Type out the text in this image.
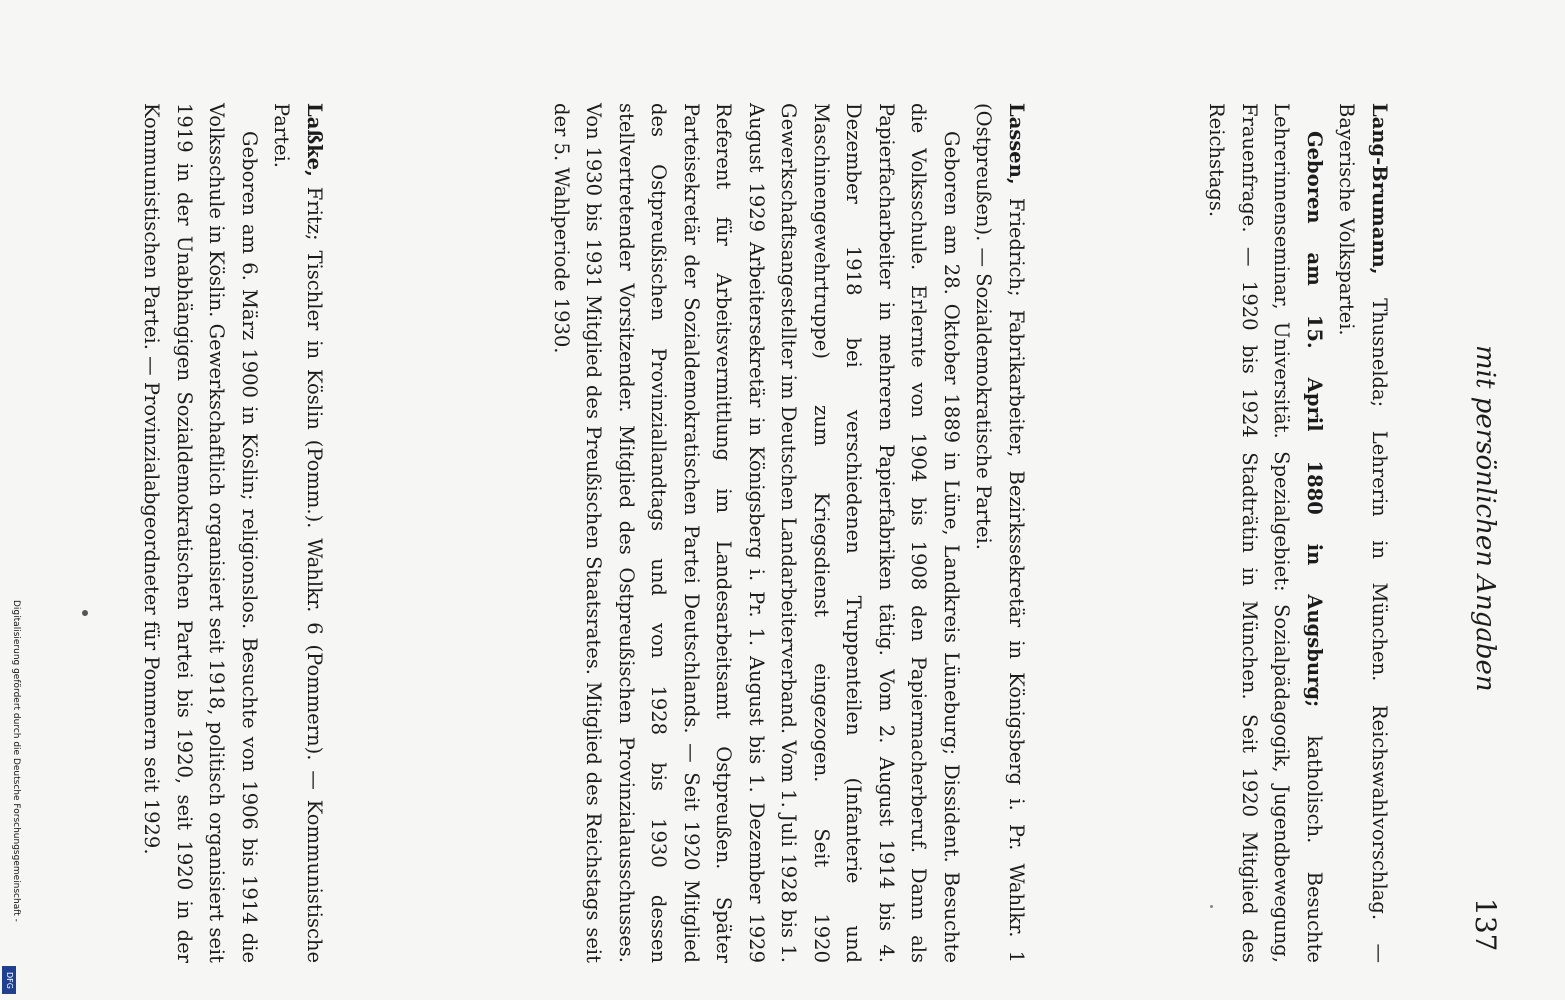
mit persönlichen Angaben
137

Lang-Brumann, Thusnelda; Lehrerin in München. Reichswahlvorschlag. — Bayerische Volkspartei.

Geboren am 15. April 1880 in Augsburg; katholisch. Besuchte Lehrerinnenseminar, Universität. Spezialgebiet: Sozialpädagogik, Jugendbewegung, Frauenfrage. — 1920 bis 1924 Stadträtin in München. Seit 1920 Mitglied des Reichstags.

Lassen, Friedrich; Fabrikarbeiter, Bezirkssekretär in Königsberg i. Pr. Wahlkr. 1 (Ostpreußen). — Sozialdemokratische Partei.

Geboren am 28. Oktober 1889 in Lüne, Landkreis Lüneburg; Dissident. Besuchte die Volksschule. Erlernte von 1904 bis 1908 den Papiermacherberuf. Dann als Papierfacharbeiter in mehreren Papierfabriken tätig. Vom 2. August 1914 bis 4. Dezember 1918 bei verschiedenen Truppenteilen (Infanterie und Maschinengewehrtruppe) zum Kriegsdienst eingezogen. Seit 1920 Gewerkschaftsangestellter im Deutschen Landarbeiterverband. Vom 1. Juli 1928 bis 1. August 1929 Arbeitersekretär in Königsberg i. Pr. 1. August bis 1. Dezember 1929 Referent für Arbeitsvermittlung im Landesarbeitsamt Ostpreußen. Später Parteisekretär der Sozialdemokratischen Partei Deutschlands. — Seit 1920 Mitglied des Ostpreußischen Provinziallandtags und von 1928 bis 1930 dessen stellvertretender Vorsitzender. Mitglied des Ostpreußischen Provinzialausschusses. Von 1930 bis 1931 Mitglied des Preußischen Staatsrates. Mitglied des Reichstags seit der 5. Wahlperiode 1930.

Laßke, Fritz; Tischler in Köslin (Pomm.). Wahlkr. 6 (Pommern). — Kommunistische Partei.

Geboren am 6. März 1900 in Köslin; religionslos. Besuchte von 1906 bis 1914 die Volksschule in Köslin. Gewerkschaftlich organisiert seit 1918, politisch organisiert seit 1919 in der Unabhängigen Sozialdemokratischen Partei bis 1920, seit 1920 in der Kommunistischen Partei. — Provinzialabgeordneter für Pommern seit 1929.

Digitalisierung gefördert durch die Deutsche Forschungsgemeinschaft -
DFG
